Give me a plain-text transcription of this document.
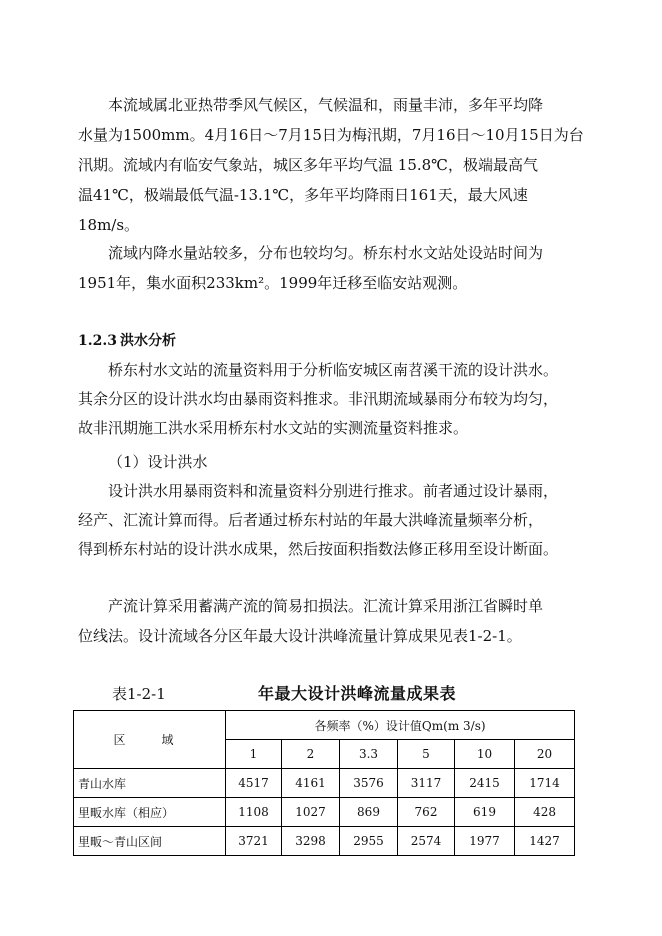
本流域属北亚热带季风气候区，气候温和，雨量丰沛，多年平均降
水量为1500mm。4月16日～7月15日为梅汛期，7月16日～10月15日为台
汛期。流域内有临安气象站，城区多年平均气温 15.8℃，极端最高气
温41℃，极端最低气温-13.1℃，多年平均降雨日161天，最大风速
18m/s。
流域内降水量站较多，分布也较均匀。桥东村水文站处设站时间为
1951年，集水面积233km²。1999年迁移至临安站观测。
1.2.3 洪水分析
桥东村水文站的流量资料用于分析临安城区南苕溪干流的设计洪水。
其余分区的设计洪水均由暴雨资料推求。非汛期流域暴雨分布较为均匀，
故非汛期施工洪水采用桥东村水文站的实测流量资料推求。
（1）设计洪水
设计洪水用暴雨资料和流量资料分别进行推求。前者通过设计暴雨，
经产、汇流计算而得。后者通过桥东村站的年最大洪峰流量频率分析，
得到桥东村站的设计洪水成果，然后按面积指数法修正移用至设计断面。
产流计算采用蓄满产流的简易扣损法。汇流计算采用浙江省瞬时单
位线法。设计流域各分区年最大设计洪峰流量计算成果见表1-2-1。
表1-2-1	年最大设计洪峰流量成果表
区　域	各频率（%）设计值Qm(m 3/s)					
	1	2	3.3	5	10	20
青山水库	4517	4161	3576	3117	2415	1714
里畈水库（相应）	1108	1027	869	762	619	428
里畈～青山区间	3721	3298	2955	2574	1977	1427
